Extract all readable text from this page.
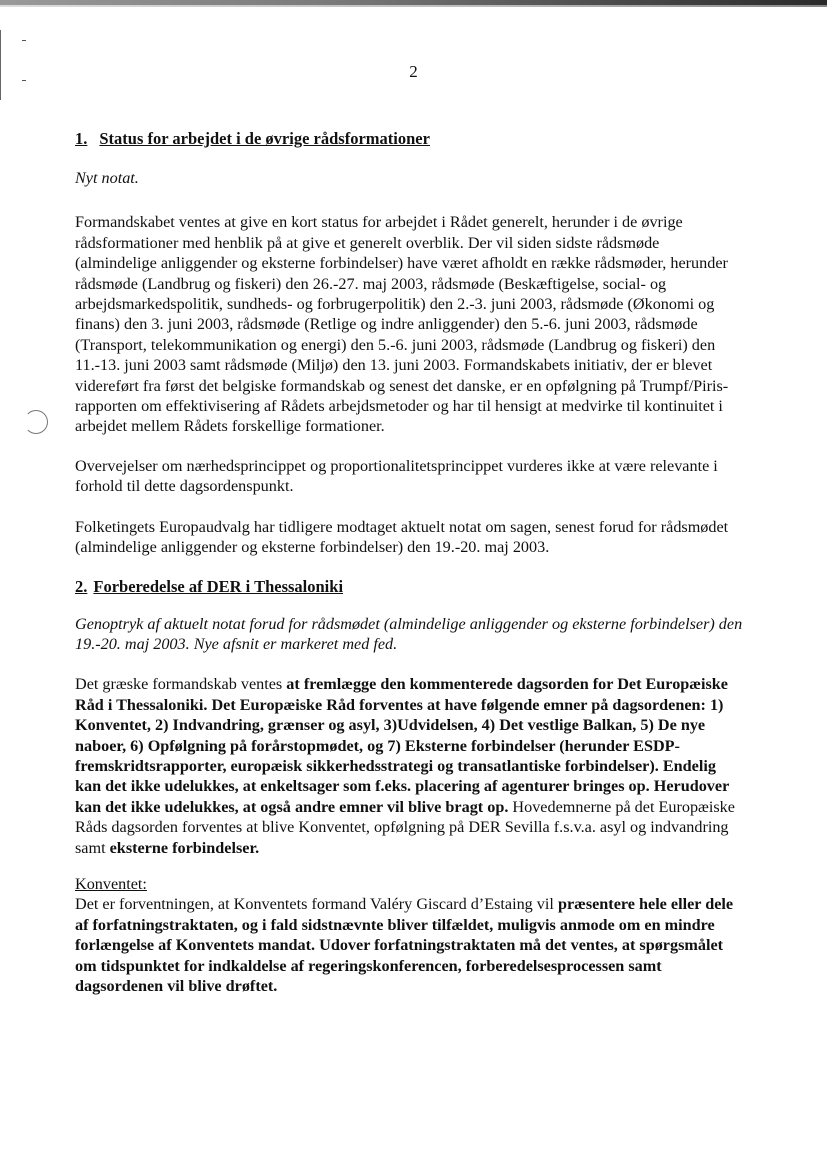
2
1. Status for arbejdet i de øvrige rådsformationer

Nyt notat.

Formandskabet ventes at give en kort status for arbejdet i Rådet generelt, herunder i de øvrige rådsformationer med henblik på at give et generelt overblik. Der vil siden sidste rådsmøde (almindelige anliggender og eksterne forbindelser) have været afholdt en række rådsmøder, herunder rådsmøde (Landbrug og fiskeri) den 26.-27. maj 2003, rådsmøde (Beskæftigelse, social- og arbejdsmarkedspolitik, sundheds- og forbrugerpolitik) den 2.-3. juni 2003, rådsmøde (Økonomi og finans) den 3. juni 2003, rådsmøde (Retlige og indre anliggender) den 5.-6. juni 2003, rådsmøde (Transport, telekommunikation og energi) den 5.-6. juni 2003, rådsmøde (Landbrug og fiskeri) den 11.-13. juni 2003 samt rådsmøde (Miljø) den 13. juni 2003. Formandskabets initiativ, der er blevet videreført fra først det belgiske formandskab og senest det danske, er en opfølgning på Trumpf/Piris-rapporten om effektivisering af Rådets arbejdsmetoder og har til hensigt at medvirke til kontinuitet i arbejdet mellem Rådets forskellige formationer.

Overvejelser om nærhedsprincippet og proportionalitetsprincippet vurderes ikke at være relevante i forhold til dette dagsordenspunkt.

Folketingets Europaudvalg har tidligere modtaget aktuelt notat om sagen, senest forud for rådsmødet (almindelige anliggender og eksterne forbindelser) den 19.-20. maj 2003.

2. Forberedelse af DER i Thessaloniki

Genoptryk af aktuelt notat forud for rådsmødet (almindelige anliggender og eksterne forbindelser) den 19.-20. maj 2003. Nye afsnit er markeret med fed.

Det græske formandskab ventes at fremlægge den kommenterede dagsorden for Det Europæiske Råd i Thessaloniki. Det Europæiske Råd forventes at have følgende emner på dagsordenen: 1) Konventet, 2) Indvandring, grænser og asyl, 3)Udvidelsen, 4) Det vestlige Balkan, 5) De nye naboer, 6) Opfølgning på forårstopmødet, og 7) Eksterne forbindelser (herunder ESDP-fremskridtsrapporter, europæisk sikkerhedsstrategi og transatlantiske forbindelser). Endelig kan det ikke udelukkes, at enkeltsager som f.eks. placering af agenturer bringes op. Herudover kan det ikke udelukkes, at også andre emner vil blive bragt op. Hovedemnerne på det Europæiske Råds dagsorden forventes at blive Konventet, opfølgning på DER Sevilla f.s.v.a. asyl og indvandring samt eksterne forbindelser.

Konventet:

Det er forventningen, at Konventets formand Valéry Giscard d’Estaing vil præsentere hele eller dele af forfatningstraktaten, og i fald sidstnævnte bliver tilfældet, muligvis anmode om en mindre forlængelse af Konventets mandat. Udover forfatningstraktaten må det ventes, at spørgsmålet om tidspunktet for indkaldelse af regeringskonferencen, forberedelsesprocessen samt dagsordenen vil blive drøftet.
